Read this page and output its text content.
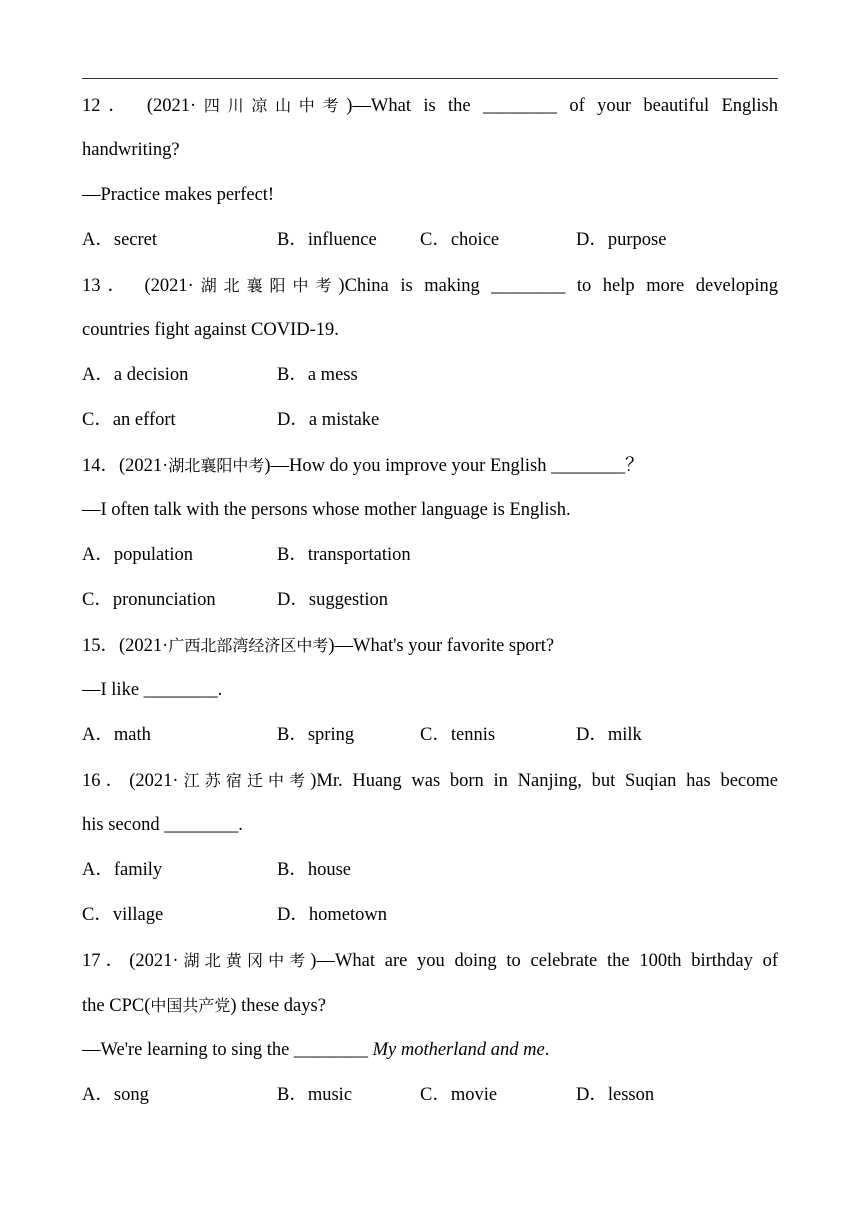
12． (2021·四川凉山中考)—What is the ________ of your beautiful English
handwriting?
—Practice makes perfect!
A．secret	B．influence C．choice	D．purpose
13． (2021·湖北襄阳中考)China is making ________ to help more developing
countries fight against COVID-19.
A．a decision	B．a mess
C．an effort	D．a mistake
14．(2021·湖北襄阳中考)—How do you improve your English ________？
—I often talk with the persons whose mother language is English.
A．population	B．transportation
C．pronunciation	D．suggestion
15．(2021·广西北部湾经济区中考)—What's your favorite sport?
—I like ________.
A．math	B．spring	C．tennis	D．milk
16．(2021·江苏宿迁中考)Mr. Huang was born in Nanjing, but Suqian has become
his second ________.
A．family	B．house
C．village	D．hometown
17．(2021·湖北黄冈中考)—What are you doing to celebrate the 100th birthday of
the CPC(中国共产党) these days?
—We're learning to sing the ________ My motherland and me.
A．song	B．music	C．movie	D．lesson
